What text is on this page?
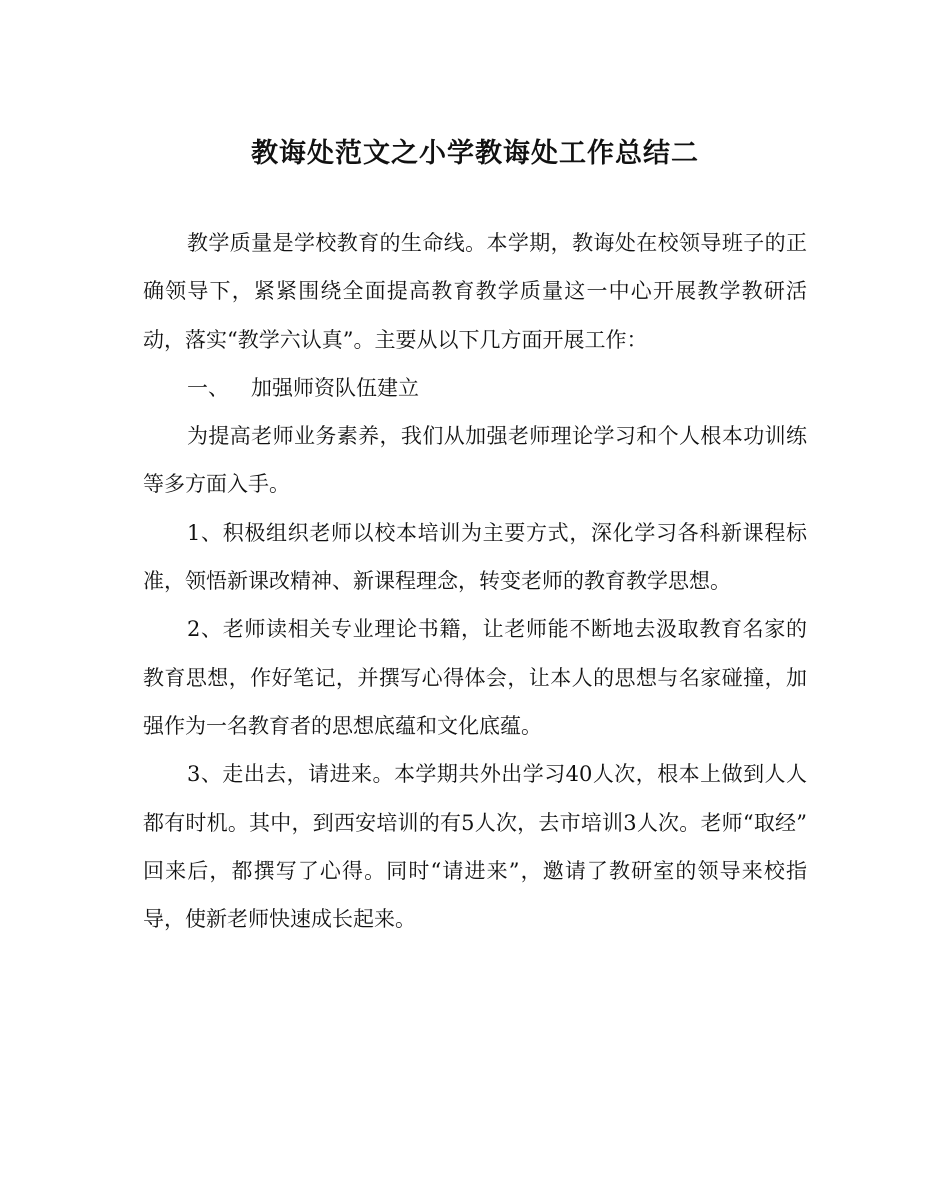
教诲处范文之小学教诲处工作总结二

教学质量是学校教育的生命线。本学期，教诲处在校领导班子的正确领导下，紧紧围绕全面提高教育教学质量这一中心开展教学教研活动，落实“教学六认真”。主要从以下几方面开展工作：

一、 加强师资队伍建立

为提高老师业务素养，我们从加强老师理论学习和个人根本功训练等多方面入手。

1、积极组织老师以校本培训为主要方式，深化学习各科新课程标准，领悟新课改精神、新课程理念，转变老师的教育教学思想。

2、老师读相关专业理论书籍，让老师能不断地去汲取教育名家的教育思想，作好笔记，并撰写心得体会，让本人的思想与名家碰撞，加强作为一名教育者的思想底蕴和文化底蕴。

3、走出去，请进来。本学期共外出学习40人次，根本上做到人人都有时机。其中，到西安培训的有5人次，去市培训3人次。老师“取经”　回来后，都撰写了心得。同时“请进来”，邀请了教研室的领导来校指导，使新老师快速成长起来。
